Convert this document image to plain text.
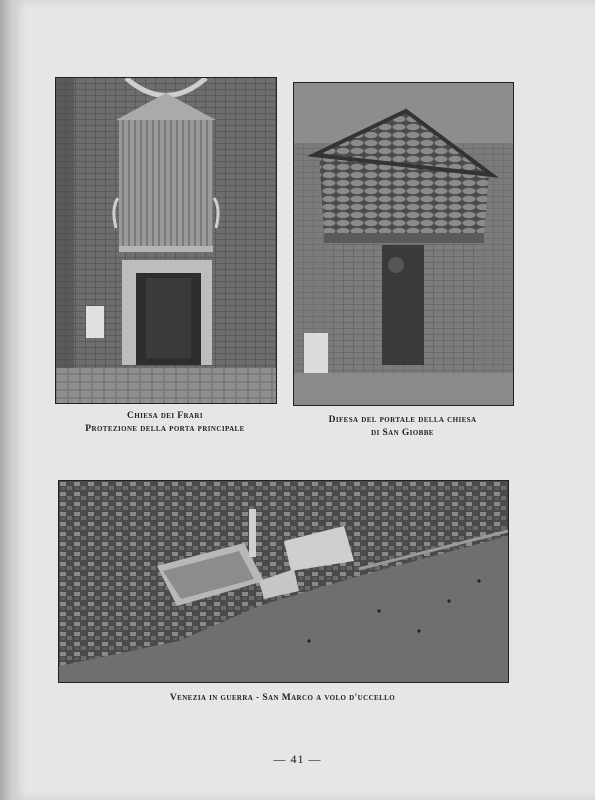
Chiesa dei Frari
Protezione della porta principale
Difesa del portale della chiesa
di San Giobbe
Venezia in guerra - San Marco a volo d'uccello
— 41 —
